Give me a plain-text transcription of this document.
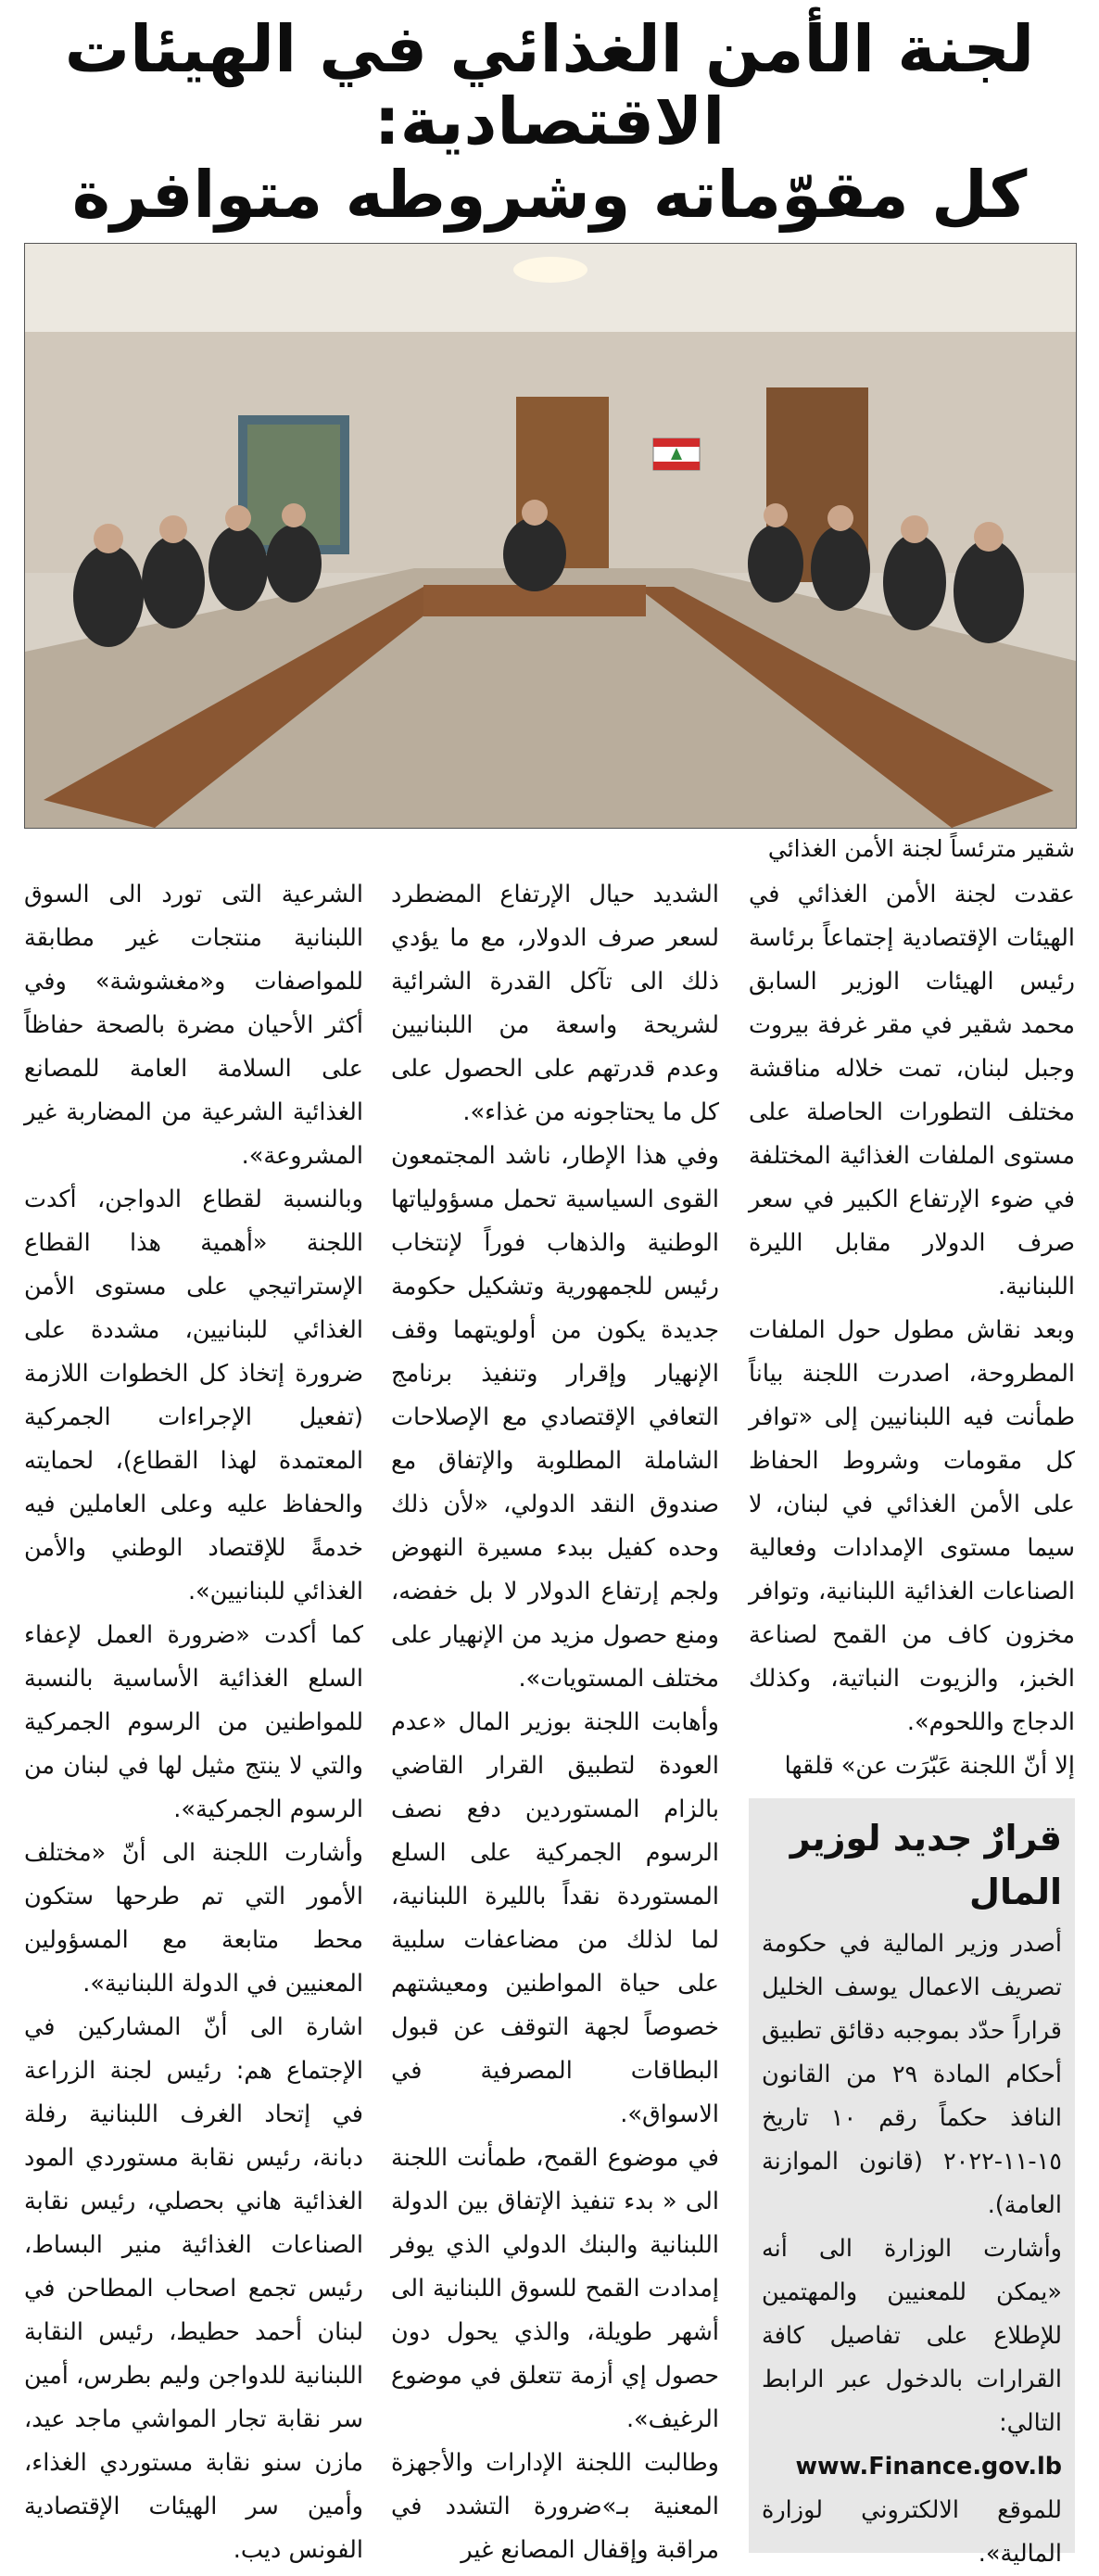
لجنة الأمن الغذائي في الهيئات الاقتصادية:
كل مقوّماته وشروطه متوافرة
شقير مترئساً لجنة الأمن الغذائي

عقدت لجنة الأمن الغذائي في الهيئات الإقتصادية إجتماعاً برئاسة رئيس الهيئات الوزير السابق محمد شقير في مقر غرفة بيروت وجبل لبنان، تمت خلاله مناقشة مختلف التطورات الحاصلة على مستوى الملفات الغذائية المختلفة في ضوء الإرتفاع الكبير في سعر صرف الدولار مقابل الليرة اللبنانية.

وبعد نقاش مطول حول الملفات المطروحة، اصدرت اللجنة بياناً طمأنت فيه اللبنانيين إلى «توافر كل مقومات وشروط الحفاظ على الأمن الغذائي في لبنان، لا سيما مستوى الإمدادات وفعالية الصناعات الغذائية اللبنانية، وتوافر مخزون كاف من القمح لصناعة الخبز، والزيوت النباتية، وكذلك الدجاج واللحوم».

إلا أنّ اللجنة عَبّرَت عن» قلقها

الشديد حيال الإرتفاع المضطرد لسعر صرف الدولار، مع ما يؤدي ذلك الى تآكل القدرة الشرائية لشريحة واسعة من اللبنانيين وعدم قدرتهم على الحصول على كل ما يحتاجونه من غذاء».

وفي هذا الإطار، ناشد المجتمعون القوى السياسية تحمل مسؤولياتها الوطنية والذهاب فوراً لإنتخاب رئيس للجمهورية وتشكيل حكومة جديدة يكون من أولويتهما وقف الإنهيار وإقرار وتنفيذ برنامج التعافي الإقتصادي مع الإصلاحات الشاملة المطلوبة والإتفاق مع صندوق النقد الدولي، «لأن ذلك وحده كفيل ببدء مسيرة النهوض ولجم إرتفاع الدولار لا بل خفضه، ومنع حصول مزيد من الإنهيار على مختلف المستويات».

وأهابت اللجنة بوزير المال «عدم العودة لتطبيق القرار القاضي بالزام المستوردين دفع نصف الرسوم الجمركية على السلع المستوردة نقداً بالليرة اللبنانية، لما لذلك من مضاعفات سلبية على حياة المواطنين ومعيشتهم خصوصاً لجهة التوقف عن قبول البطاقات المصرفية في الاسواق».

في موضوع القمح، طمأنت اللجنة الى « بدء تنفيذ الإتفاق بين الدولة اللبنانية والبنك الدولي الذي يوفر إمدادت القمح للسوق اللبنانية الى أشهر طويلة، والذي يحول دون حصول إي أزمة تتعلق في موضوع الرغيف».

وطالبت اللجنة الإدارات والأجهزة المعنية بـ»ضرورة التشدد في مراقبة وإقفال المصانع غير

الشرعية التى تورد الى السوق اللبنانية منتجات غير مطابقة للمواصفات و«مغشوشة» وفي أكثر الأحيان مضرة بالصحة حفاظاً على السلامة العامة للمصانع الغذائية الشرعية من المضاربة غير المشروعة».

وبالنسبة لقطاع الدواجن، أكدت اللجنة «أهمية هذا القطاع الإستراتيجي على مستوى الأمن الغذائي للبنانيين، مشددة على ضرورة إتخاذ كل الخطوات اللازمة (تفعيل الإجراءات الجمركية المعتمدة لهذا القطاع)، لحمايته والحفاظ عليه وعلى العاملين فيه خدمةً للإقتصاد الوطني والأمن الغذائي للبنانيين».

كما أكدت «ضرورة العمل لإعفاء السلع الغذائية الأساسية بالنسبة للمواطنين من الرسوم الجمركية والتي لا ينتج مثيل لها في لبنان من الرسوم الجمركية».

وأشارت اللجنة الى أنّ «مختلف الأمور التي تم طرحها ستكون محط متابعة مع المسؤولين المعنيين في الدولة اللبنانية».

اشارة الى أنّ المشاركين في الإجتماع هم: رئيس لجنة الزراعة في إتحاد الغرف اللبنانية رفلة دبانة، رئيس نقابة مستوردي المود الغذائية هاني بحصلي، رئيس نقابة الصناعات الغذائية منير البساط، رئيس تجمع اصحاب المطاحن في لبنان أحمد حطيط، رئيس النقابة اللبنانية للدواجن وليم بطرس، أمين سر نقابة تجار المواشي ماجد عيد، مازن سنو نقابة مستوردي الغذاء، وأمين سر الهيئات الإقتصادية الفونس ديب.

قرارٌ جديد لوزير المال

أصدر وزير المالية في حكومة تصريف الاعمال يوسف الخليل قراراً حدّد بموجبه دقائق تطبيق أحكام المادة ٢٩ من القانون النافذ حكماً رقم ١٠ تاريخ ١٥-١١-٢٠٢٢ (قانون الموازنة العامة).

وأشارت الوزارة الى أنه «يمكن للمعنيين والمهتمين للإطلاع على تفاصيل كافة القرارات بالدخول عبر الرابط التالي: www.Finance.gov.lb للموقع الالكتروني لوزارة المالية».
